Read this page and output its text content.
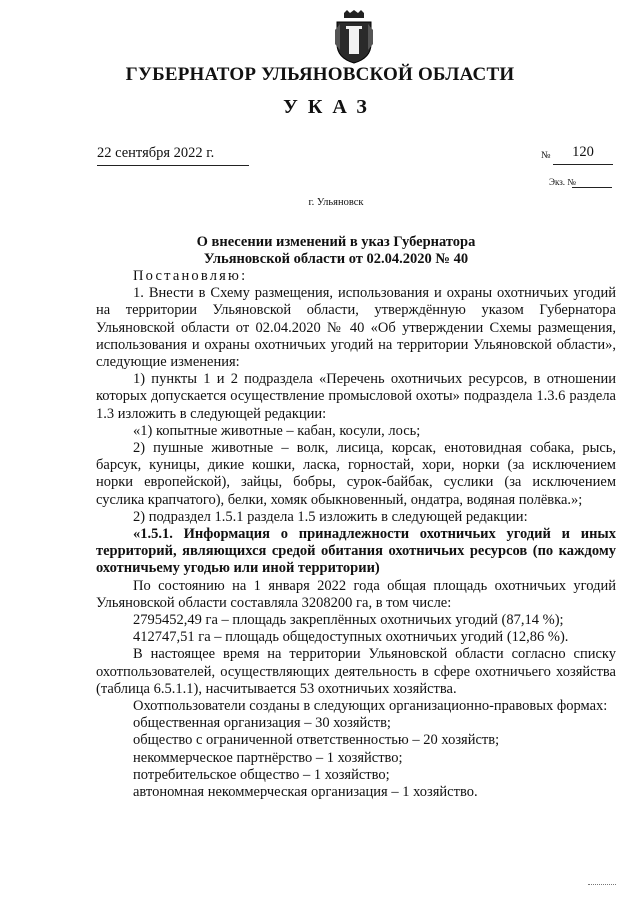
ГУБЕРНАТОР УЛЬЯНОВСКОЙ ОБЛАСТИ
УКАЗ
22 сентября 2022 г.	№	120
Экз. №
г. Ульяновск
О внесении изменений в указ Губернатора
Ульяновской области от 02.04.2020 № 40

Постановляю:

1. Внести в Схему размещения, использования и охраны охотничьих угодий на территории Ульяновской области, утверждённую указом Губернатора Ульяновской области от 02.04.2020 № 40 «Об утверждении Схемы размещения, использования и охраны охотничьих угодий на территории Ульяновской области», следующие изменения:

1) пункты 1 и 2 подраздела «Перечень охотничьих ресурсов, в отношении которых допускается осуществление промысловой охоты» подраздела 1.3.6 раздела 1.3 изложить в следующей редакции:

«1) копытные животные – кабан, косули, лось;

2) пушные животные – волк, лисица, корсак, енотовидная собака, рысь, барсук, куницы, дикие кошки, ласка, горностай, хори, норки (за исключением норки европейской), зайцы, бобры, сурок-байбак, суслики (за исключением суслика крапчатого), белки, хомяк обыкновенный, ондатра, водяная полёвка.»;

2) подраздел 1.5.1 раздела 1.5 изложить в следующей редакции:

«1.5.1. Информация о принадлежности охотничьих угодий и иных территорий, являющихся средой обитания охотничьих ресурсов (по каждому охотничьему угодью или иной территории)

По состоянию на 1 января 2022 года общая площадь охотничьих угодий Ульяновской области составляла 3208200 га, в том числе:

2795452,49 га – площадь закреплённых охотничьих угодий (87,14 %);

412747,51 га – площадь общедоступных охотничьих угодий (12,86 %).

В настоящее время на территории Ульяновской области согласно списку охотпользователей, осуществляющих деятельность в сфере охотничьего хозяйства (таблица 6.5.1.1), насчитывается 53 охотничьих хозяйства.

Охотпользователи созданы в следующих организационно-правовых формах:

общественная организация – 30 хозяйств;

общество с ограниченной ответственностью – 20 хозяйств;

некоммерческое партнёрство – 1 хозяйство;

потребительское общество – 1 хозяйство;

автономная некоммерческая организация – 1 хозяйство.
